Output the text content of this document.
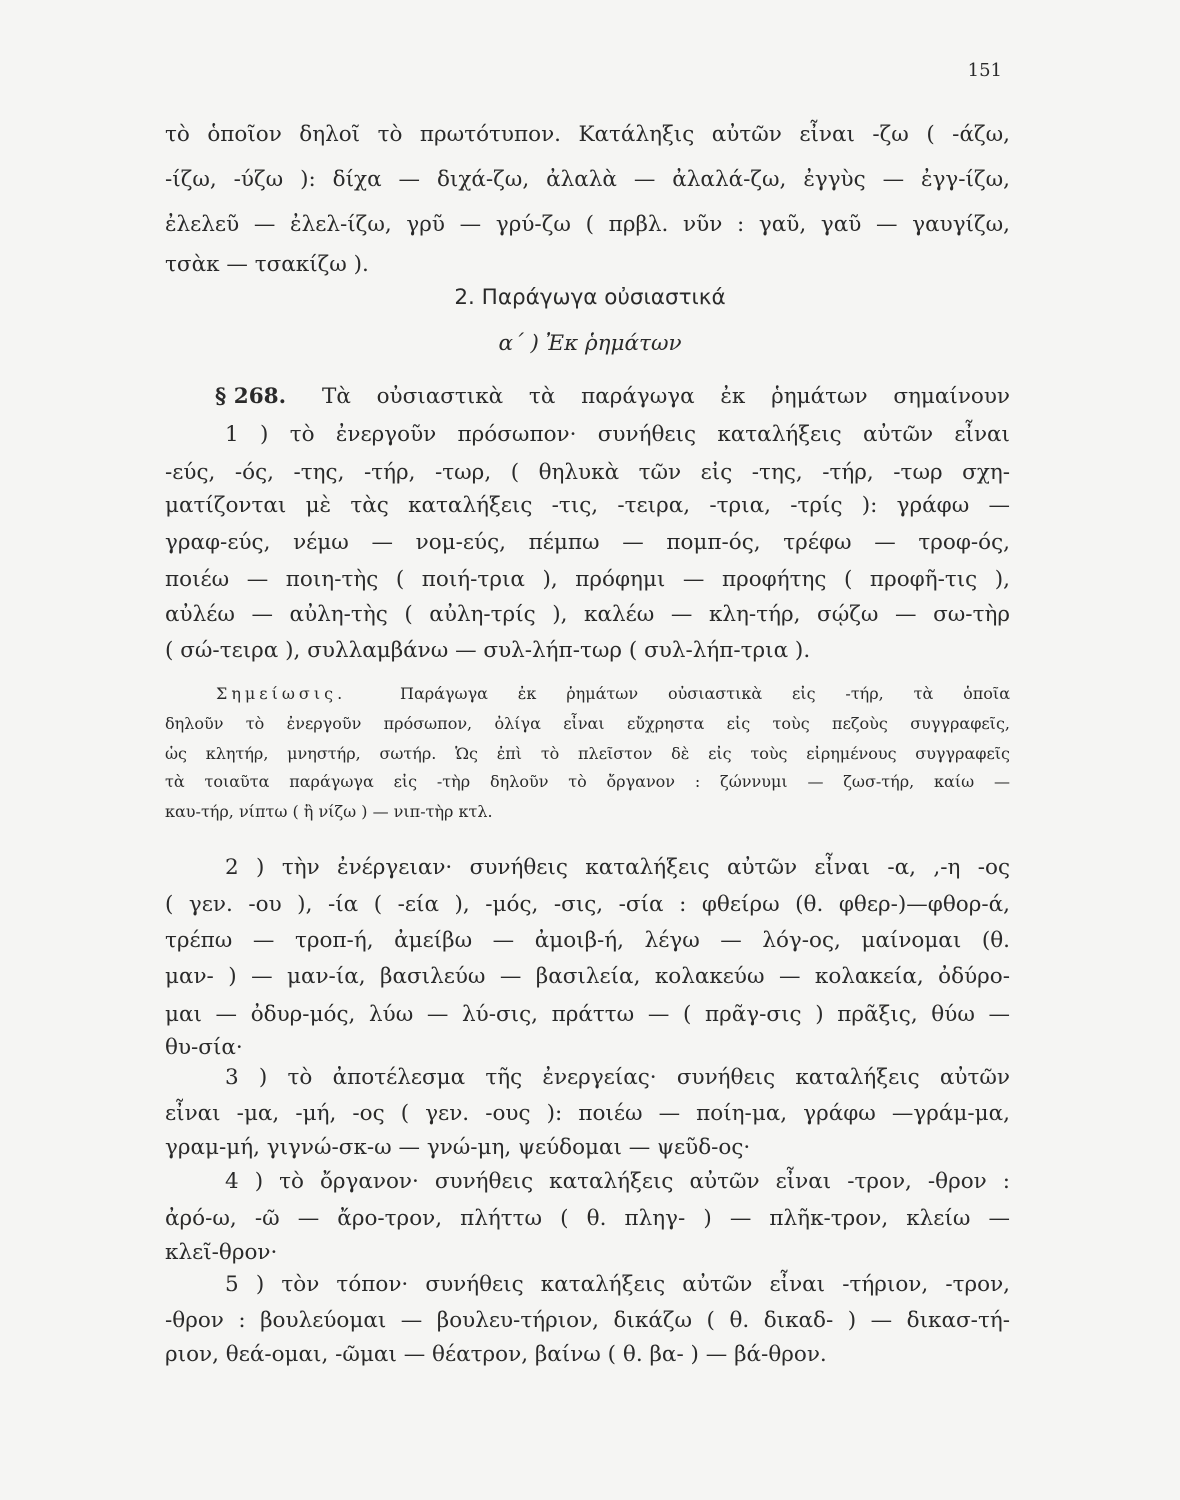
151
τὸ ὁποῖον δηλοῖ τὸ πρωτότυπον. Κατάληξις αὐτῶν εἶναι -ζω ( -άζω,
-ίζω, -ύζω ): δίχα — διχά-ζω, ἀλαλὰ — ἀλαλά-ζω, ἐγγὺς — ἐγγ-ίζω,
ἐλελεῦ — ἐλελ-ίζω, γρῦ — γρύ-ζω ( πρβλ. νῦν : γαῦ, γαῦ — γαυγίζω,
τσὰκ — τσακίζω ).
2. Παράγωγα οὐσιαστικά
α΄ ) Ἐκ ῥημάτων
§ 268.	Τὰ οὐσιαστικὰ τὰ παράγωγα ἐκ ῥημάτων σημαίνουν
1 ) τὸ ἐνεργοῦν πρόσωπον· συνήθεις καταλήξεις αὐτῶν εἶναι
-εύς, -ός, -της, -τήρ, -τωρ, ( θηλυκὰ τῶν εἰς -της, -τήρ, -τωρ σχη-
ματίζονται μὲ τὰς καταλήξεις -τις, -τειρα, -τρια, -τρίς ): γράφω —
γραφ-εύς, νέμω — νομ-εύς, πέμπω — πομπ-ός, τρέφω — τροφ-ός,
ποιέω — ποιη-τὴς ( ποιή-τρια ), πρόφημι — προφήτης ( προφῆ-τις ),
αὐλέω — αὐλη-τὴς ( αὐλη-τρίς ), καλέω — κλη-τήρ, σῴζω — σω-τὴρ
( σώ-τειρα ), συλλαμβάνω — συλ-λήπ-τωρ ( συλ-λήπ-τρια ).
Σημείωσις.	Παράγωγα ἐκ ῥημάτων οὐσιαστικὰ εἰς -τήρ, τὰ ὁποῖα
δηλοῦν τὸ ἐνεργοῦν πρόσωπον, ὀλίγα εἶναι εὔχρηστα εἰς τοὺς πεζοὺς συγγραφεῖς,
ὡς κλητήρ, μνηστήρ, σωτήρ. Ὡς ἐπὶ τὸ πλεῖστον δὲ εἰς τοὺς εἰρημένους συγγραφεῖς
τὰ τοιαῦτα παράγωγα εἰς -τὴρ δηλοῦν τὸ ὄργανον : ζώννυμι — ζωσ-τήρ, καίω —
καυ-τήρ, νίπτω ( ἢ νίζω ) — νιπ-τὴρ κτλ.
2 ) τὴν ἐνέργειαν· συνήθεις καταλήξεις αὐτῶν εἶναι -α, ,-η -ος
( γεν. -ου ), -ία ( -εία ), -μός, -σις, -σία : φθείρω (θ. φθερ-)—φθορ-ά,
τρέπω — τροπ-ή, ἀμείβω — ἀμοιβ-ή, λέγω — λόγ-ος, μαίνομαι (θ.
μαν- ) — μαν-ία, βασιλεύω — βασιλεία, κολακεύω — κολακεία, ὀδύρο-
μαι — ὀδυρ-μός, λύω — λύ-σις, πράττω — ( πρᾶγ-σις ) πρᾶξις, θύω —
θυ-σία·
3 ) τὸ ἀποτέλεσμα τῆς ἐνεργείας· συνήθεις καταλήξεις αὐτῶν
εἶναι -μα, -μή, -ος ( γεν. -ους ): ποιέω — ποίη-μα, γράφω —γράμ-μα,
γραμ-μή, γιγνώ-σκ-ω — γνώ-μη, ψεύδομαι — ψεῦδ-ος·
4 ) τὸ ὄργανον· συνήθεις καταλήξεις αὐτῶν εἶναι -τρον, -θρον :
ἀρό-ω, -ῶ — ἄρο-τρον, πλήττω ( θ. πληγ- ) — πλῆκ-τρον, κλείω —
κλεῖ-θρον·
5 ) τὸν τόπον· συνήθεις καταλήξεις αὐτῶν εἶναι -τήριον, -τρον,
-θρον : βουλεύομαι — βουλευ-τήριον, δικάζω ( θ. δικαδ- ) — δικασ-τή-
ριον, θεά-ομαι, -ῶμαι — θέατρον, βαίνω ( θ. βα- ) — βά-θρον.
